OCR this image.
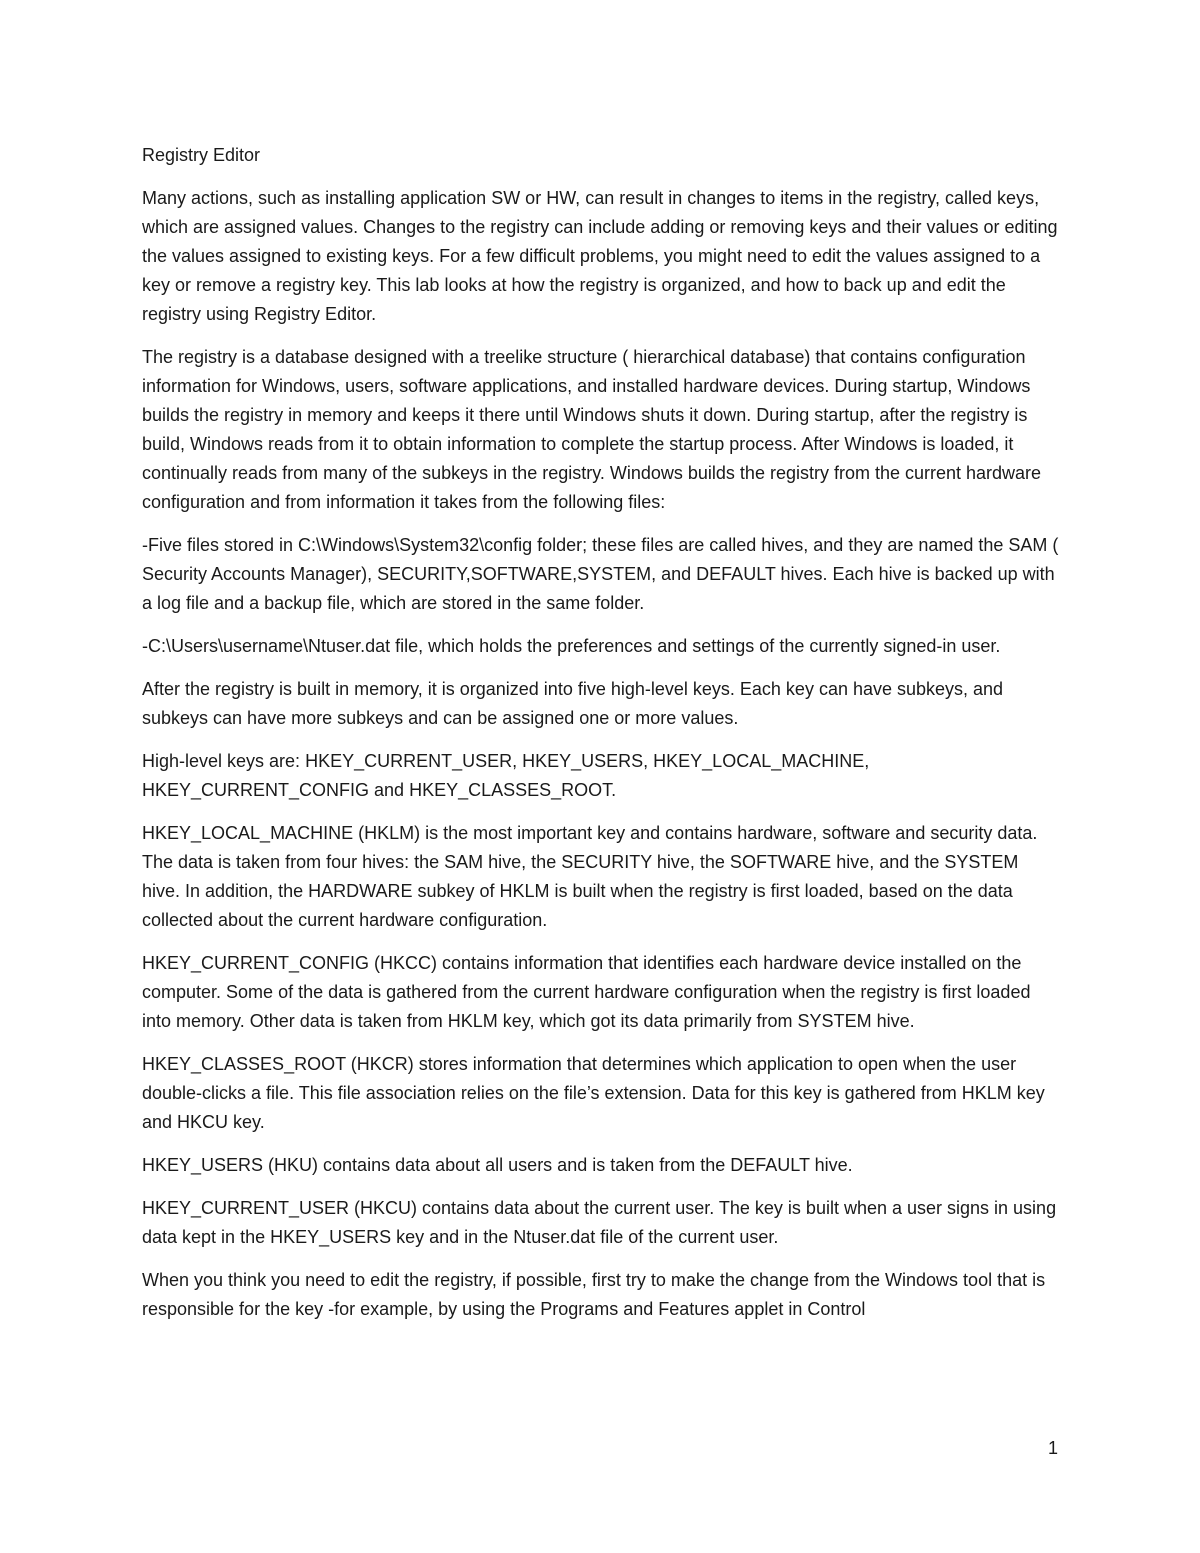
Registry Editor

Many actions, such as installing application SW or HW, can result in changes to items in the registry, called keys, which are assigned values. Changes to the registry can include adding or removing keys and their values or editing the values assigned to existing keys. For a few difficult problems, you might need to edit the values assigned to a key or remove a registry key. This lab looks at how the registry is organized, and how to back up and edit the registry using Registry Editor.

The registry is a database designed with a treelike structure ( hierarchical database) that contains configuration information for Windows, users, software applications, and installed hardware devices. During startup, Windows builds the registry in memory and keeps it there until Windows shuts it down. During startup, after the registry is build, Windows reads from it to obtain information to complete the startup process. After Windows is loaded, it continually reads from many of the subkeys in the registry. Windows builds the registry from the current hardware configuration and from information it takes from the following files:

-Five files stored in C:\Windows\System32\config folder; these files are called hives, and they are named the SAM ( Security Accounts Manager), SECURITY,SOFTWARE,SYSTEM, and DEFAULT hives. Each hive is backed up with a log file and a backup file, which are stored in the same folder.

-C:\Users\username\Ntuser.dat file, which holds the preferences and settings of the currently signed-in user.

After the registry is built in memory, it is organized into five high-level keys. Each key can have subkeys, and subkeys can have more subkeys and can be assigned one or more values.

High-level keys are: HKEY_CURRENT_USER, HKEY_USERS, HKEY_LOCAL_MACHINE, HKEY_CURRENT_CONFIG and HKEY_CLASSES_ROOT.

HKEY_LOCAL_MACHINE (HKLM) is the most important key and contains hardware, software and security data. The data is taken from four hives: the SAM hive, the SECURITY hive, the SOFTWARE hive, and the SYSTEM hive. In addition, the HARDWARE subkey of HKLM is built when the registry is first loaded, based on the data collected about the current hardware configuration.

HKEY_CURRENT_CONFIG (HKCC) contains information that identifies each hardware device installed on the computer. Some of the data is gathered from the current hardware configuration when the registry is first loaded into memory. Other data is taken from HKLM key, which got its data primarily from SYSTEM hive.

HKEY_CLASSES_ROOT (HKCR) stores information that determines which application to open when the user double-clicks a file. This file association relies on the file’s extension. Data for this key is gathered from HKLM key and HKCU key.

HKEY_USERS (HKU) contains data about all users and is taken from the DEFAULT hive.

HKEY_CURRENT_USER (HKCU) contains data about the current user. The key is built when a user signs in using data kept in the HKEY_USERS key and in the Ntuser.dat file of the current user.

When you think you need to edit the registry, if possible, first try to make the change from the Windows tool that is responsible for the key -for example, by using the Programs and Features applet in Control

1
